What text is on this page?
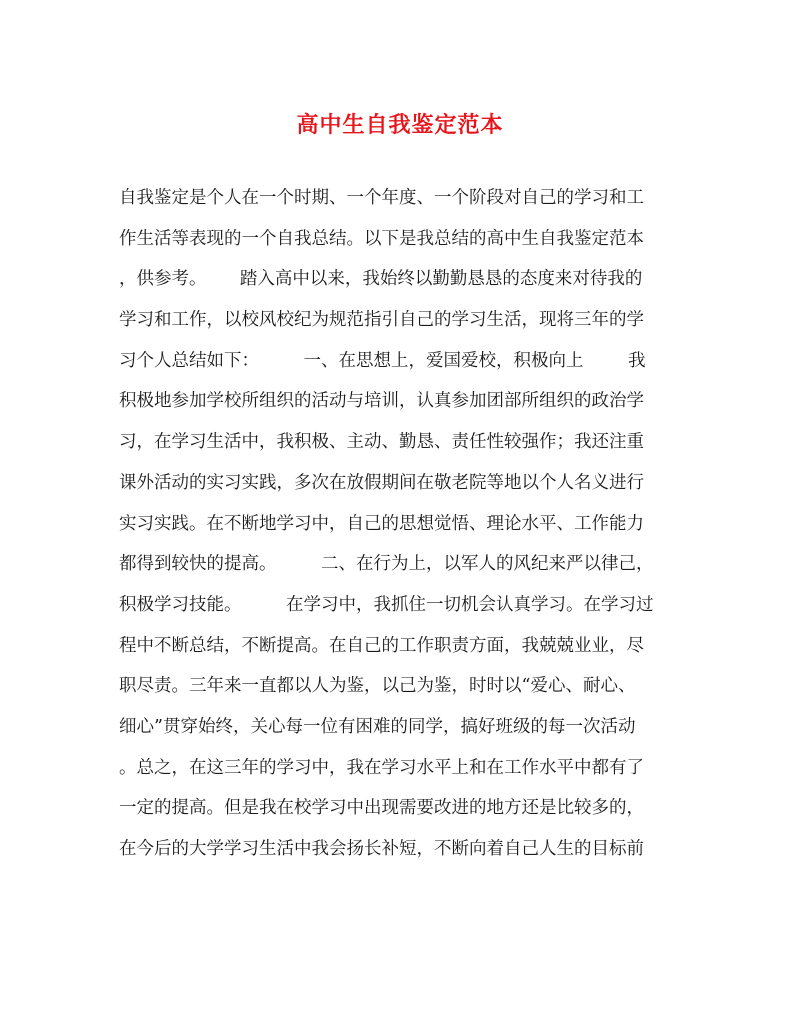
高中生自我鉴定范本
自我鉴定是个人在一个时期、一个年度、一个阶段对自己的学习和工
作生活等表现的一个自我总结。以下是我总结的高中生自我鉴定范本
，供参考。      踏入高中以来，我始终以勤勤恳恳的态度来对待我的
学习和工作，以校风校纪为规范指引自己的学习生活，现将三年的学
习个人总结如下：        一、在思想上，爱国爱校，积极向上        我
积极地参加学校所组织的活动与培训，认真参加团部所组织的政治学
习，在学习生活中，我积极、主动、勤恳、责任性较强作；我还注重
课外活动的实习实践，多次在放假期间在敬老院等地以个人名义进行
实习实践。在不断地学习中，自己的思想觉悟、理论水平、工作能力
都得到较快的提高。        二、在行为上，以军人的风纪来严以律己，
积极学习技能。        在学习中，我抓住一切机会认真学习。在学习过
程中不断总结，不断提高。在自己的工作职责方面，我兢兢业业，尽
职尽责。三年来一直都以人为鉴，以己为鉴，时时以“爱心、耐心、
细心”贯穿始终，关心每一位有困难的同学，搞好班级的每一次活动
。总之，在这三年的学习中，我在学习水平上和在工作水平中都有了
一定的提高。但是我在校学习中出现需要改进的地方还是比较多的，
在今后的大学学习生活中我会扬长补短，不断向着自己人生的目标前
